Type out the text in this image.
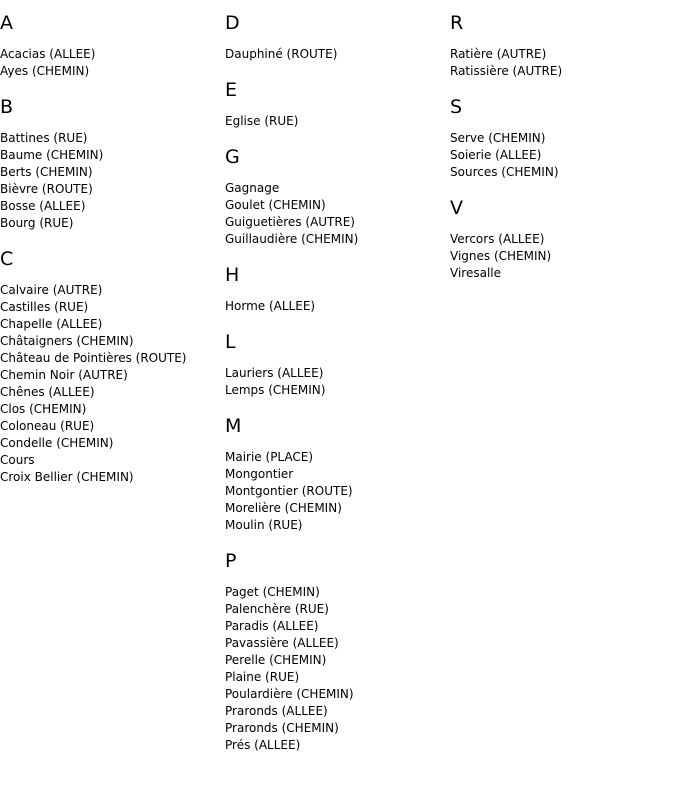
A
Acacias (ALLEE)
Ayes (CHEMIN)
B
Battines (RUE)
Baume (CHEMIN)
Berts (CHEMIN)
Bièvre (ROUTE)
Bosse (ALLEE)
Bourg (RUE)
C
Calvaire (AUTRE)
Castilles (RUE)
Chapelle (ALLEE)
Châtaigners (CHEMIN)
Château de Pointières (ROUTE)
Chemin Noir (AUTRE)
Chênes (ALLEE)
Clos (CHEMIN)
Coloneau (RUE)
Condelle (CHEMIN)
Cours
Croix Bellier (CHEMIN)
D
Dauphiné (ROUTE)
E
Eglise (RUE)
G
Gagnage
Goulet (CHEMIN)
Guiguetières (AUTRE)
Guillaudière (CHEMIN)
H
Horme (ALLEE)
L
Lauriers (ALLEE)
Lemps (CHEMIN)
M
Mairie (PLACE)
Mongontier
Montgontier (ROUTE)
Morelière (CHEMIN)
Moulin (RUE)
P
Paget (CHEMIN)
Palenchère (RUE)
Paradis (ALLEE)
Pavassière (ALLEE)
Perelle (CHEMIN)
Plaine (RUE)
Poulardière (CHEMIN)
Praronds (ALLEE)
Praronds (CHEMIN)
Prés (ALLEE)
R
Ratière (AUTRE)
Ratissière (AUTRE)
S
Serve (CHEMIN)
Soierie (ALLEE)
Sources (CHEMIN)
V
Vercors (ALLEE)
Vignes (CHEMIN)
Viresalle
